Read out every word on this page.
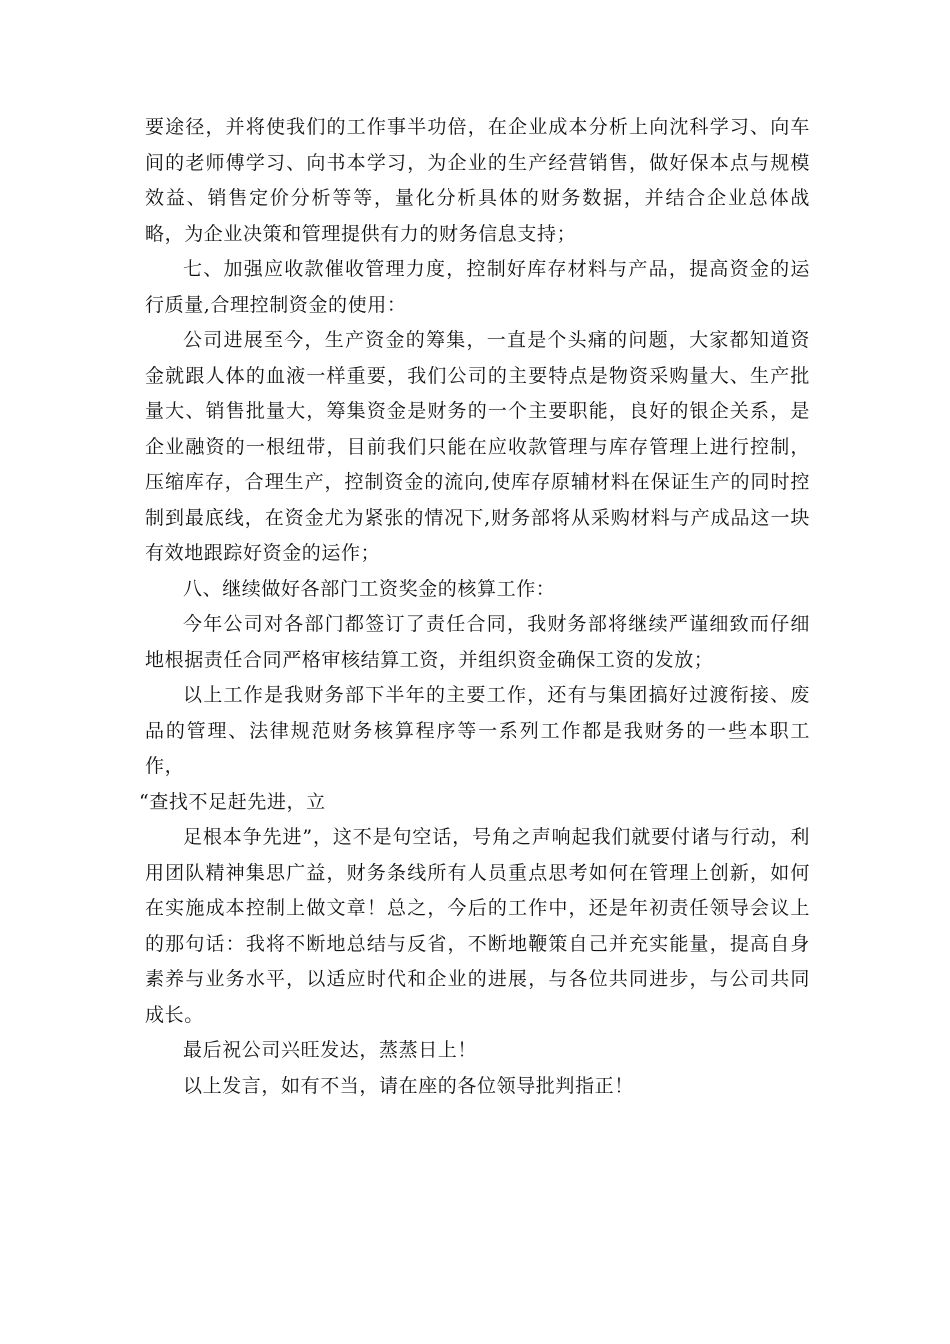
要途径，并将使我们的工作事半功倍，在企业成本分析上向沈科学习、向车间的老师傅学习、向书本学习，为企业的生产经营销售，做好保本点与规模效益、销售定价分析等等，量化分析具体的财务数据，并结合企业总体战略，为企业决策和管理提供有力的财务信息支持；

七、加强应收款催收管理力度，控制好库存材料与产品，提高资金的运行质量,合理控制资金的使用：

公司进展至今，生产资金的筹集，一直是个头痛的问题，大家都知道资金就跟人体的血液一样重要，我们公司的主要特点是物资采购量大、生产批量大、销售批量大，筹集资金是财务的一个主要职能，良好的银企关系，是企业融资的一根纽带，目前我们只能在应收款管理与库存管理上进行控制，压缩库存，合理生产，控制资金的流向,使库存原辅材料在保证生产的同时控制到最底线，在资金尤为紧张的情况下,财务部将从采购材料与产成品这一块有效地跟踪好资金的运作；

八、继续做好各部门工资奖金的核算工作：

今年公司对各部门都签订了责任合同，我财务部将继续严谨细致而仔细地根据责任合同严格审核结算工资，并组织资金确保工资的发放；

以上工作是我财务部下半年的主要工作，还有与集团搞好过渡衔接、废品的管理、法律规范财务核算程序等一系列工作都是我财务的一些本职工作，

“查找不足赶先进，立

足根本争先进”，这不是句空话，号角之声响起我们就要付诸与行动，利用团队精神集思广益，财务条线所有人员重点思考如何在管理上创新，如何在实施成本控制上做文章！总之，今后的工作中，还是年初责任领导会议上的那句话：我将不断地总结与反省，不断地鞭策自己并充实能量，提高自身素养与业务水平，以适应时代和企业的进展，与各位共同进步，与公司共同成长。

最后祝公司兴旺发达，蒸蒸日上！

以上发言，如有不当，请在座的各位领导批判指正！
